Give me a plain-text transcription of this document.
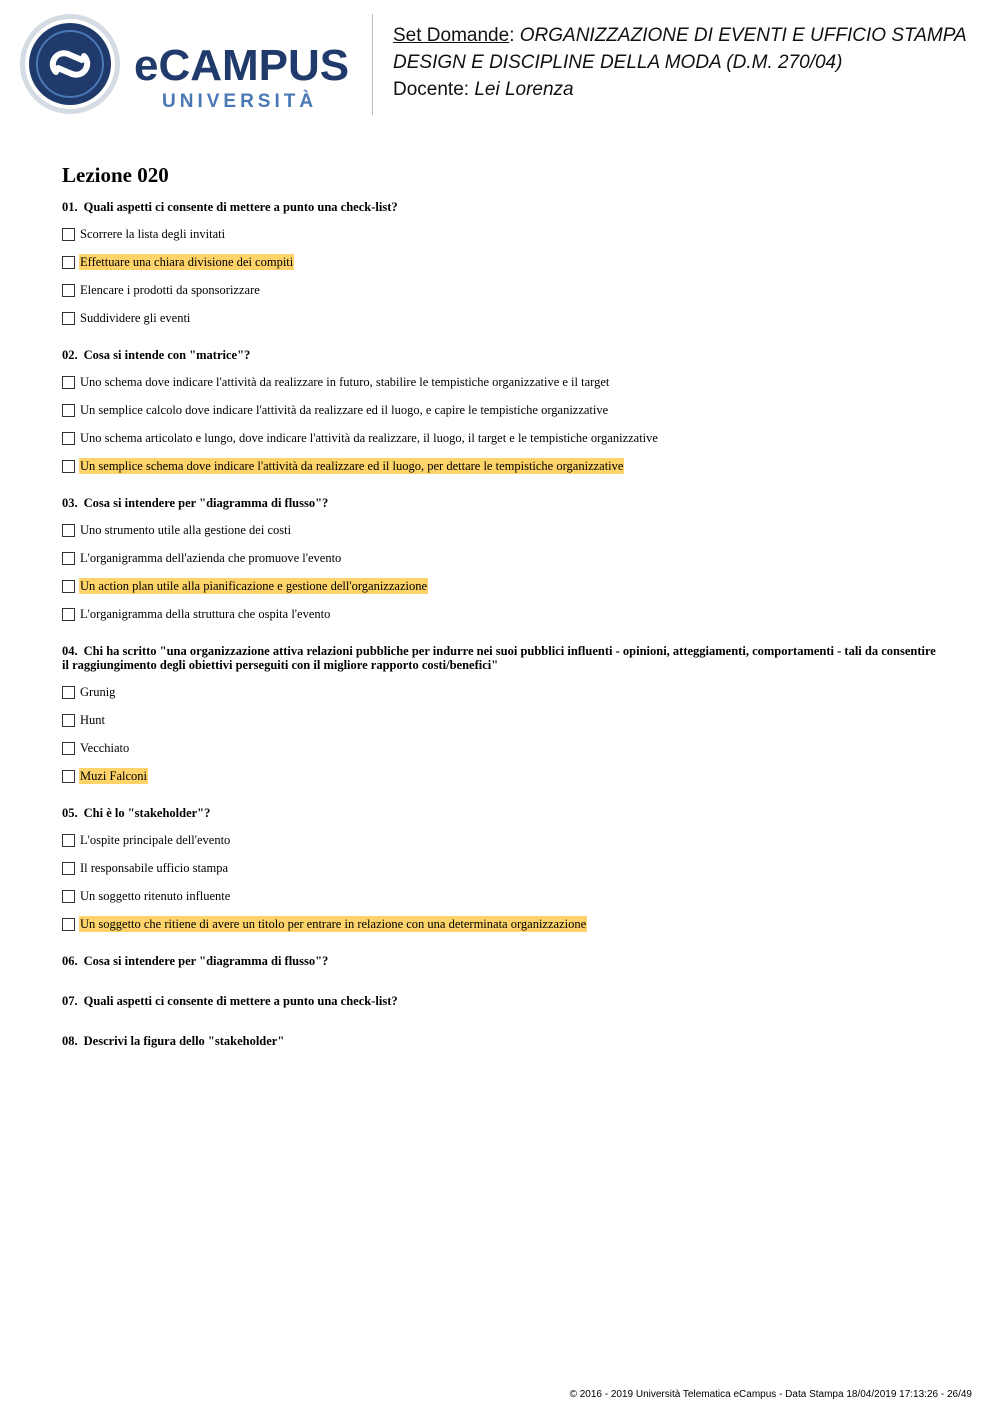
eCAMPUS
UNIVERSITÀ
Set Domande: ORGANIZZAZIONE DI EVENTI E UFFICIO STAMPA
DESIGN E DISCIPLINE DELLA MODA (D.M. 270/04)
Docente: Lei Lorenza
Lezione 020
01. Quali aspetti ci consente di mettere a punto una check-list?
Scorrere la lista degli invitati
Effettuare una chiara divisione dei compiti
Elencare i prodotti da sponsorizzare
Suddividere gli eventi
02. Cosa si intende con "matrice"?
Uno schema dove indicare l'attività da realizzare in futuro, stabilire le tempistiche organizzative e il target
Un semplice calcolo dove indicare l'attività da realizzare ed il luogo, e capire le tempistiche organizzative
Uno schema articolato e lungo, dove indicare l'attività da realizzare, il luogo, il target e le tempistiche organizzative
Un semplice schema dove indicare l'attività da realizzare ed il luogo, per dettare le tempistiche organizzative
03. Cosa si intendere per "diagramma di flusso"?
Uno strumento utile alla gestione dei costi
L'organigramma dell'azienda che promuove l'evento
Un action plan utile alla pianificazione e gestione dell'organizzazione
L'organigramma della struttura che ospita l'evento
04. Chi ha scritto "una organizzazione attiva relazioni pubbliche per indurre nei suoi pubblici influenti - opinioni, atteggiamenti, comportamenti - tali da consentire il raggiungimento degli obiettivi perseguiti con il migliore rapporto costi/benefici"
Grunig
Hunt
Vecchiato
Muzi Falconi
05. Chi è lo "stakeholder"?
L'ospite principale dell'evento
Il responsabile ufficio stampa
Un soggetto ritenuto influente
Un soggetto che ritiene di avere un titolo per entrare in relazione con una determinata organizzazione
06. Cosa si intendere per "diagramma di flusso"?
07. Quali aspetti ci consente di mettere a punto una check-list?
08. Descrivi la figura dello "stakeholder"
© 2016 - 2019 Università Telematica eCampus - Data Stampa 18/04/2019 17:13:26 - 26/49
